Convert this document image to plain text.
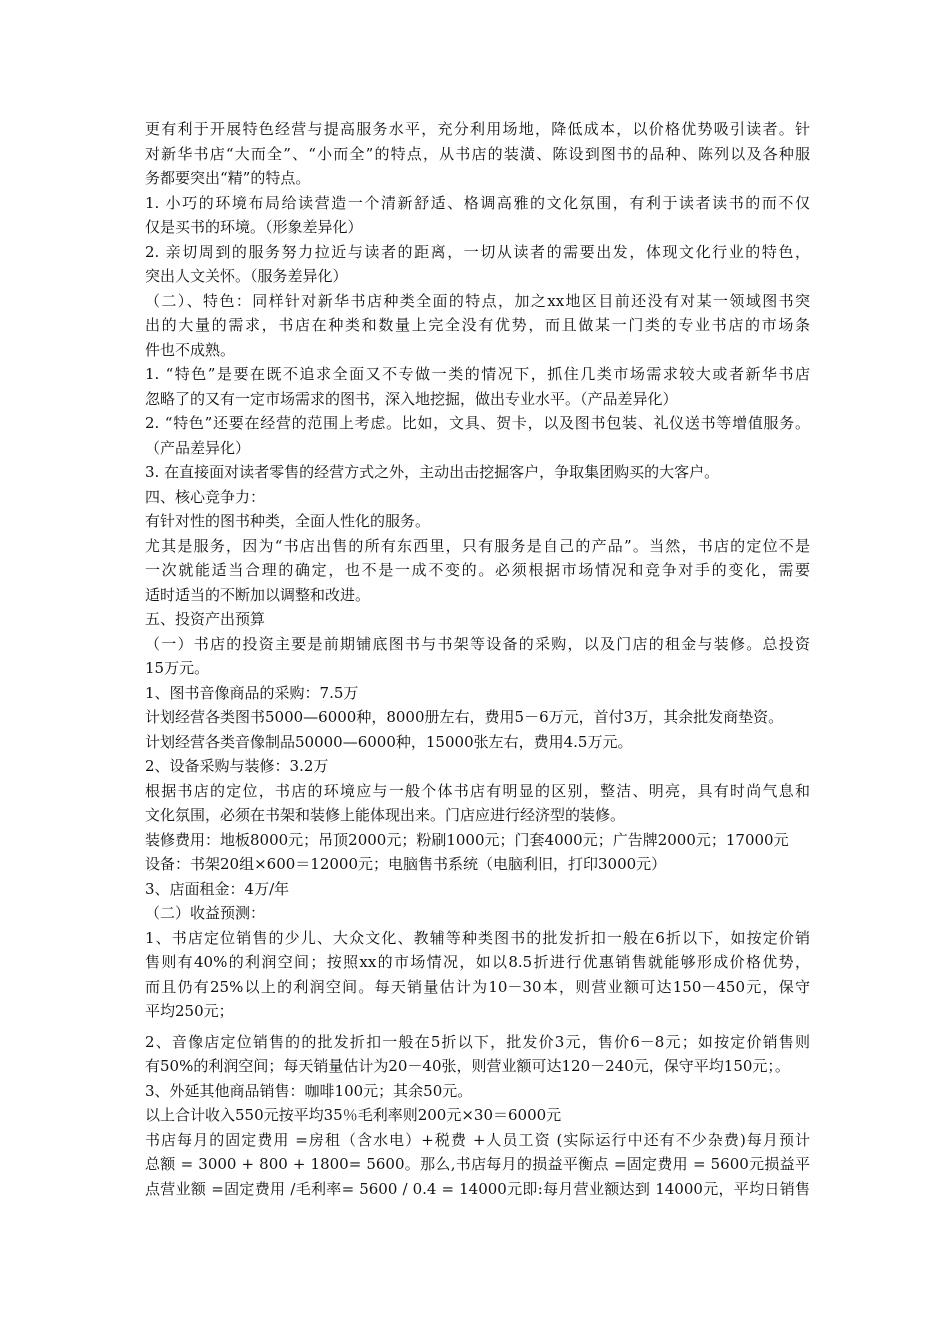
更有利于开展特色经营与提高服务水平，充分利用场地，降低成本，以价格优势吸引读者。针
对新华书店“大而全”、“小而全”的特点，从书店的装潢、陈设到图书的品种、陈列以及各种服
务都要突出“精”的特点。
1. 小巧的环境布局给读营造一个清新舒适、格调高雅的文化氛围，有利于读者读书的而不仅
仅是买书的环境。（形象差异化）
2. 亲切周到的服务努力拉近与读者的距离，一切从读者的需要出发，体现文化行业的特色，
突出人文关怀。（服务差异化）
（二）、特色：同样针对新华书店种类全面的特点，加之xx地区目前还没有对某一领域图书突
出的大量的需求，书店在种类和数量上完全没有优势，而且做某一门类的专业书店的市场条
件也不成熟。
1. “特色”是要在既不追求全面又不专做一类的情况下，抓住几类市场需求较大或者新华书店
忽略了的又有一定市场需求的图书，深入地挖掘，做出专业水平。（产品差异化）
2. “特色”还要在经营的范围上考虑。比如，文具、贺卡，以及图书包装、礼仪送书等增值服务。
（产品差异化）
3. 在直接面对读者零售的经营方式之外，主动出击挖掘客户，争取集团购买的大客户。
四、核心竞争力：
有针对性的图书种类，全面人性化的服务。
尤其是服务，因为“书店出售的所有东西里，只有服务是自己的产品”。当然，书店的定位不是
一次就能适当合理的确定，也不是一成不变的。必须根据市场情况和竞争对手的变化，需要
适时适当的不断加以调整和改进。
五、投资产出预算
（一）书店的投资主要是前期铺底图书与书架等设备的采购，以及门店的租金与装修。总投资
15万元。
1、图书音像商品的采购：7.5万
计划经营各类图书5000—6000种，8000册左右，费用5－6万元，首付3万，其余批发商垫资。
计划经营各类音像制品50000—6000种，15000张左右，费用4.5万元。
2、设备采购与装修：3.2万
根据书店的定位，书店的环境应与一般个体书店有明显的区别，整洁、明亮，具有时尚气息和
文化氛围，必须在书架和装修上能体现出来。门店应进行经济型的装修。
装修费用：地板8000元；吊顶2000元；粉刷1000元；门套4000元；广告牌2000元；17000元
设备：书架20组×600＝12000元；电脑售书系统（电脑利旧，打印3000元）
3、店面租金：4万/年
（二）收益预测：
1、书店定位销售的少儿、大众文化、教辅等种类图书的批发折扣一般在6折以下，如按定价销
售则有40%的利润空间；按照xx的市场情况，如以8.5折进行优惠销售就能够形成价格优势，
而且仍有25%以上的利润空间。每天销量估计为10－30本，则营业额可达150－450元，保守
平均250元；
2、音像店定位销售的的批发折扣一般在5折以下，批发价3元，售价6－8元；如按定价销售则
有50%的利润空间；每天销量估计为20－40张，则营业额可达120－240元，保守平均150元；。
3、外延其他商品销售：咖啡100元；其余50元。
以上合计收入550元按平均35％毛利率则200元×30＝6000元
书店每月的固定费用 =房租（含水电）+税费 +人员工资 (实际运行中还有不少杂费)每月预计
总额 = 3000 + 800 + 1800= 5600。那么,书店每月的损益平衡点 =固定费用 = 5600元损益平
点营业额 =固定费用 /毛利率= 5600 / 0.4 = 14000元即:每月营业额达到 14000元，平均日销售
